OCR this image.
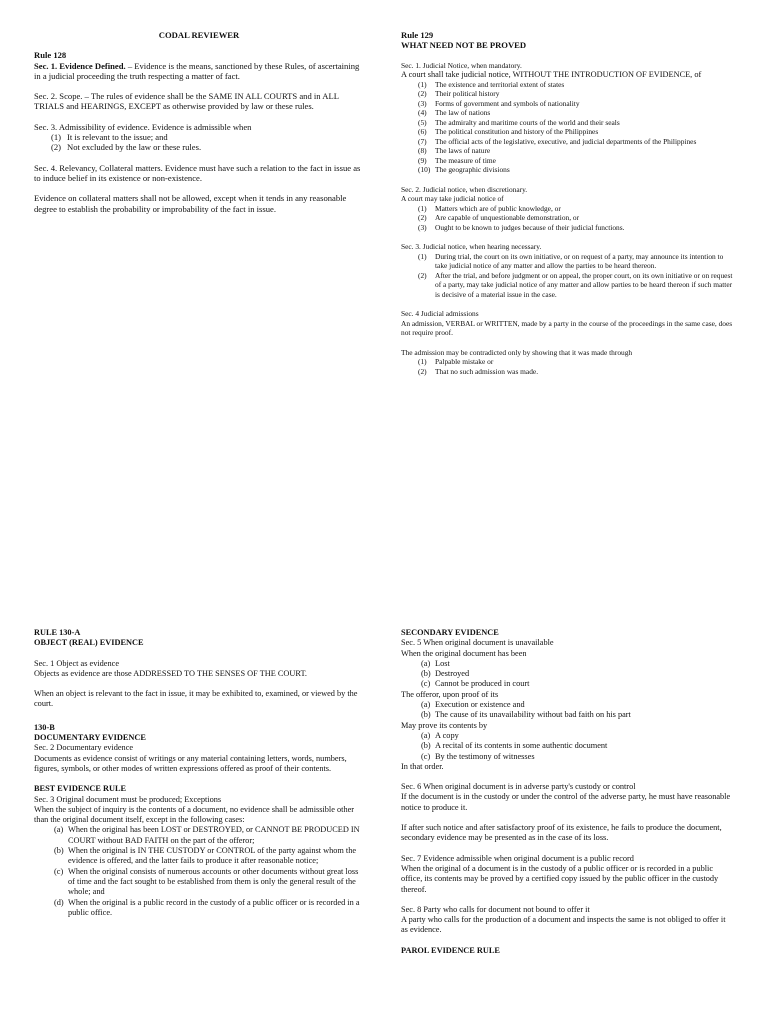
CODAL REVIEWER

Rule 128

Sec. 1. Evidence Defined. – Evidence is the means, sanctioned by these Rules, of ascertaining in a judicial proceeding the truth respecting a matter of fact.

Sec. 2. Scope. – The rules of evidence shall be the SAME IN ALL COURTS and in ALL TRIALS and HEARINGS, EXCEPT as otherwise provided by law or these rules.

Sec. 3. Admissibility of evidence. Evidence is admissible when

(1) It is relevant to the issue; and
(2) Not excluded by the law or these rules.

Sec. 4. Relevancy, Collateral matters. Evidence must have such a relation to the fact in issue as to induce belief in its existence or non-existence.

Evidence on collateral matters shall not be allowed, except when it tends in any reasonable degree to establish the probability or improbability of the fact in issue.

Rule 129

WHAT NEED NOT BE PROVED

Sec. 1. Judicial Notice, when mandatory.

A court shall take judicial notice, WITHOUT THE INTRODUCTION OF EVIDENCE, of

(1)	The existence and territorial extent of states
(2)	Their political history
(3)	Forms of government and symbols of nationality
(4)	The law of nations
(5)	The admiralty and maritime courts of the world and their seals
(6)	The political constitution and history of the Philippines
(7)	The official acts of the legislative, executive, and judicial departments of the Philippines
(8)	The laws of nature
(9)	The measure of time
(10) The geographic divisions

Sec. 2. Judicial notice, when discretionary.

A court may take judicial notice of

(1)	Matters which are of public knowledge, or
(2)	Are capable of unquestionable demonstration, or
(3)	Ought to be known to judges because of their judicial functions.

Sec. 3. Judicial notice, when hearing necessary.

(1)	During trial, the court on its own initiative, or on request of a party, may announce its intention to take judicial notice of any matter and allow the parties to be heard thereon.
(2)	After the trial, and before judgment or on appeal, the proper court, on its own initiative or on request of a party, may take judicial notice of any matter and allow parties to be heard thereon if such matter is decisive of a material issue in the case.

Sec. 4 Judicial admissions

An admission, VERBAL or WRITTEN, made by a party in the course of the proceedings in the same case, does not require proof.

The admission may be contradicted only by showing that it was made through

(1)	Palpable mistake or
(2)	That no such admission was made.

RULE 130-A

OBJECT (REAL) EVIDENCE

Sec. 1 Object as evidence

Objects as evidence are those ADDRESSED TO THE SENSES OF THE COURT.

When an object is relevant to the fact in issue, it may be exhibited to, examined, or viewed by the court.

130-B

DOCUMENTARY EVIDENCE

Sec. 2 Documentary evidence

Documents as evidence consist of writings or any material containing letters, words, numbers, figures, symbols, or other modes of written expressions offered as proof of their contents.

BEST EVIDENCE RULE

Sec. 3 Original document must be produced; Exceptions

When the subject of inquiry is the contents of a document, no evidence shall be admissible other than the original document itself, except in the following cases:

(a) When the original has been LOST or DESTROYED, or CANNOT BE PRODUCED IN COURT without BAD FAITH on the part of the offeror;
(b) When the original is IN THE CUSTODY or CONTROL of the party against whom the evidence is offered, and the latter fails to produce it after reasonable notice;
(c) When the original consists of numerous accounts or other documents without great loss of time and the fact sought to be established from them is only the general result of the whole; and
(d) When the original is a public record in the custody of a public officer or is recorded in a public office.

SECONDARY EVIDENCE

Sec. 5 When original document is unavailable

When the original document has been

(a) Lost
(b) Destroyed
(c) Cannot be produced in court

The offeror, upon proof of its

(a) Execution or existence and
(b) The cause of its unavailability without bad faith on his part

May prove its contents by

(a) A copy
(b) A recital of its contents in some authentic document
(c) By the testimony of witnesses

In that order.

Sec. 6 When original document is in adverse party's custody or control

If the document is in the custody or under the control of the adverse party, he must have reasonable notice to produce it.

If after such notice and after satisfactory proof of its existence, he fails to produce the document, secondary evidence may be presented as in the case of its loss.

Sec. 7 Evidence admissible when original document is a public record

When the original of a document is in the custody of a public officer or is recorded in a public office, its contents may be proved by a certified copy issued by the public officer in the custody thereof.

Sec. 8 Party who calls for document not bound to offer it

A party who calls for the production of a document and inspects the same is not obliged to offer it as evidence.

PAROL EVIDENCE RULE
